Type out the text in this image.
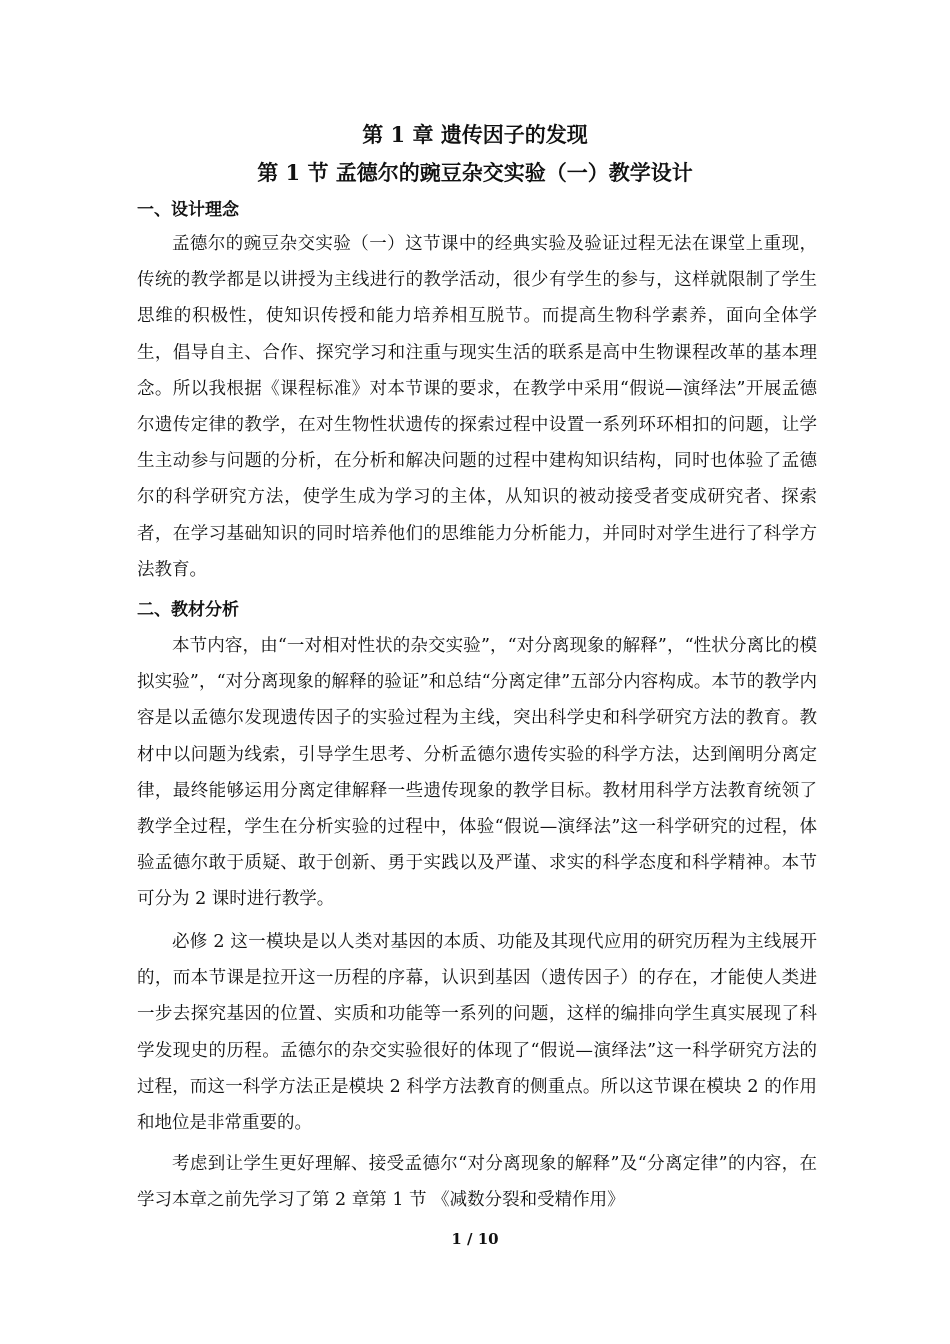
第 1 章 遗传因子的发现
第 1 节 孟德尔的豌豆杂交实验（一）教学设计
一、设计理念

孟德尔的豌豆杂交实验（一）这节课中的经典实验及验证过程无法在课堂上重现，传统的教学都是以讲授为主线进行的教学活动，很少有学生的参与，这样就限制了学生思维的积极性，使知识传授和能力培养相互脱节。而提高生物科学素养，面向全体学生，倡导自主、合作、探究学习和注重与现实生活的联系是高中生物课程改革的基本理念。所以我根据《课程标准》对本节课的要求，在教学中采用“假说—演绎法”开展孟德尔遗传定律的教学，在对生物性状遗传的探索过程中设置一系列环环相扣的问题，让学生主动参与问题的分析，在分析和解决问题的过程中建构知识结构，同时也体验了孟德尔的科学研究方法，使学生成为学习的主体，从知识的被动接受者变成研究者、探索者，在学习基础知识的同时培养他们的思维能力分析能力，并同时对学生进行了科学方法教育。

二、教材分析

本节内容，由“一对相对性状的杂交实验”，“对分离现象的解释”，“性状分离比的模拟实验”，“对分离现象的解释的验证”和总结“分离定律”五部分内容构成。本节的教学内容是以孟德尔发现遗传因子的实验过程为主线，突出科学史和科学研究方法的教育。教材中以问题为线索，引导学生思考、分析孟德尔遗传实验的科学方法，达到阐明分离定律，最终能够运用分离定律解释一些遗传现象的教学目标。教材用科学方法教育统领了教学全过程，学生在分析实验的过程中，体验“假说—演绎法”这一科学研究的过程，体验孟德尔敢于质疑、敢于创新、勇于实践以及严谨、求实的科学态度和科学精神。本节可分为 2 课时进行教学。

必修 2 这一模块是以人类对基因的本质、功能及其现代应用的研究历程为主线展开的，而本节课是拉开这一历程的序幕，认识到基因（遗传因子）的存在，才能使人类进一步去探究基因的位置、实质和功能等一系列的问题，这样的编排向学生真实展现了科学发现史的历程。孟德尔的杂交实验很好的体现了“假说—演绎法”这一科学研究方法的过程，而这一科学方法正是模块 2 科学方法教育的侧重点。所以这节课在模块 2 的作用和地位是非常重要的。

考虑到让学生更好理解、接受孟德尔“对分离现象的解释”及“分离定律”的内容，在学习本章之前先学习了第 2 章第 1 节 《减数分裂和受精作用》

1 / 10
